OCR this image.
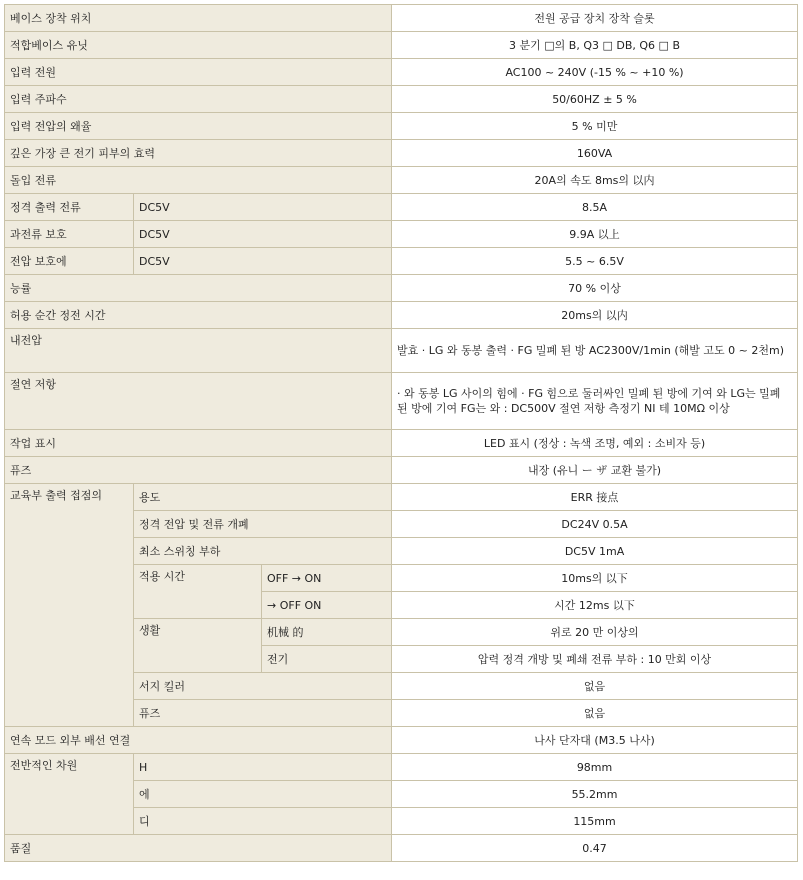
베이스 장착 위치			전원 공급 장치 장착 슬롯
적합베이스 유닛			3 분기 □의 B, Q3 □ DB, Q6 □ B
입력 전원			AC100 ~ 240V (-15 % ~ +10 %)
입력 주파수			50/60HZ ± 5 %
입력 전압의 왜율			5 % 미만
깊은 가장 큰 전기 피부의 효력			160VA
돌입 전류			20A의 속도 8ms의 以内
정격 출력 전류	DC5V		8.5A
과전류 보호	DC5V		9.9A 以上
전압 보호에	DC5V		5.5 ~ 6.5V
능률			70 % 이상
허용 순간 정전 시간			20ms의 以内
내전압			발효 · LG 와 동봉 출력 · FG 밀폐 된 방 AC2300V/1min (해발 고도 0 ~ 2천m)
절연 저항			· 와 동봉 LG 사이의 힘에 · FG 힘으로 둘러싸인 밀폐 된 방에 기여 와 LG는 밀폐 된 방에 기여 FG는 와 : DC500V 절연 저항 측정기 NI 테 10MΩ 이상
작업 표시			LED 표시 (정상 : 녹색 조명, 예외 : 소비자 등)
퓨즈			내장 (유니 ー ザ 교환 불가)
교육부 출력 접점의	용도		ERR 接点
	정격 전압 및 전류 개폐		DC24V 0.5A
	최소 스위칭 부하		DC5V 1mA
	적용 시간	OFF → ON	10ms의 以下
		→ OFF ON	시간 12ms 以下
	생활	机械 的	위로 20 만 이상의
		전기	압력 정격 개방 및 폐쇄 전류 부하 : 10 만회 이상
	서지 킬러		없음
	퓨즈		없음
연속 모드 외부 배선 연결			나사 단자대 (M3.5 나사)
전반적인 차원	H		98mm
	에		55.2mm
	디		115mm
품질			0.47
